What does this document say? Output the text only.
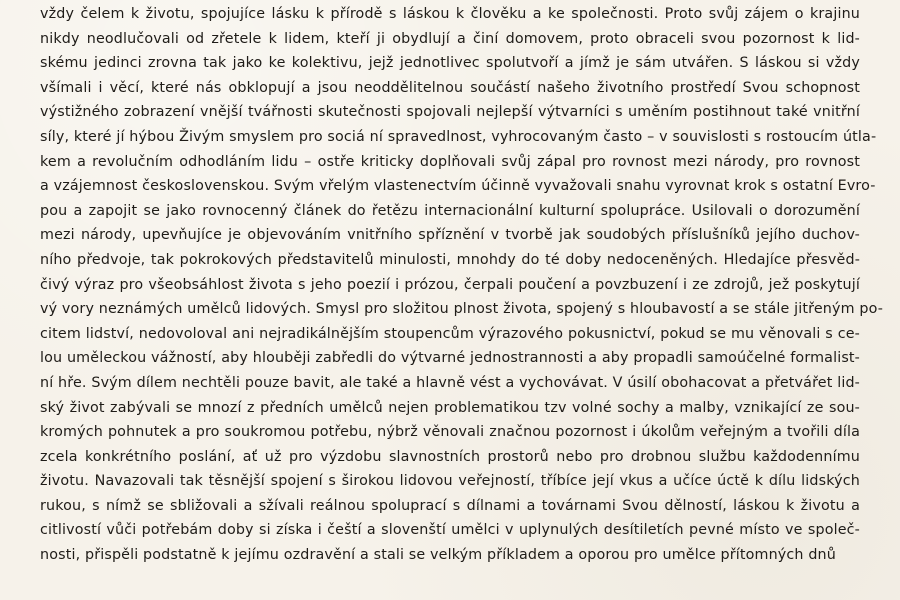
vždy čelem k životu, spojujíce lásku k přírodě s láskou k člověku a ke společnosti. Proto svůj zájem o krajinu
nikdy neodlučovali od zřetele k lidem, kteří ji obydlují a činí domovem, proto obraceli svou pozornost k lid-
skému jedinci zrovna tak jako ke kolektivu, jejž jednotlivec spolutvoří a jímž je sám utvářen. S láskou si vždy
všímali i věcí, které nás obklopují a jsou neoddělitelnou součástí našeho životního prostředí Svou schopnost
výstižného zobrazení vnější tvářnosti skutečnosti spojovali nejlepší výtvarníci s uměním postihnout také vnitřní
síly, které jí hýbou Živým smyslem pro sociá ní spravedlnost, vyhrocovaným často – v souvislosti s rostoucím útla-
kem a revolučním odhodláním lidu – ostře kriticky doplňovali svůj zápal pro rovnost mezi národy, pro rovnost
a vzájemnost československou. Svým vřelým vlastenectvím účinně vyvažovali snahu vyrovnat krok s ostatní Evro-
pou a zapojit se jako rovnocenný článek do řetězu internacionální kulturní spolupráce. Usilovali o dorozumění
mezi národy, upevňujíce je objevováním vnitřního spříznění v tvorbě jak soudobých příslušníků jejího duchov-
ního předvoje, tak pokrokových představitelů minulosti, mnohdy do té doby nedoceněných. Hledajíce přesvěd-
čivý výraz pro všeobsáhlost života s jeho poezií i prózou, čerpali poučení a povzbuzení i ze zdrojů, jež poskytují
vý vory neznámých umělců lidových. Smysl pro složitou plnost života, spojený s hloubavostí a se stále jitřeným po-
citem lidství, nedovoloval ani nejradikálnějším stoupencům výrazového pokusnictví, pokud se mu věnovali s ce-
lou uměleckou vážností, aby hlouběji zabředli do výtvarné jednostrannosti a aby propadli samoúčelné formalist-
ní hře. Svým dílem nechtěli pouze bavit, ale také a hlavně vést a vychovávat. V úsilí obohacovat a přetvářet lid-
ský život zabývali se mnozí z předních umělců nejen problematikou tzv volné sochy a malby, vznikající ze sou-
kromých pohnutek a pro soukromou potřebu, nýbrž věnovali značnou pozornost i úkolům veřejným a tvořili díla
zcela konkrétního poslání, ať už pro výzdobu slavnostních prostorů nebo pro drobnou službu každodennímu
životu. Navazovali tak těsnější spojení s širokou lidovou veřejností, tříbíce její vkus a učíce úctě k dílu lidských
rukou, s nímž se sbližovali a sžívali reálnou spoluprací s dílnami a továrnami Svou dělností, láskou k životu a
citlivostí vůči potřebám doby si získa i čeští a slovenští umělci v uplynulých desítiletích pevné místo ve společ-
nosti, přispěli podstatně k jejímu ozdravění a stali se velkým příkladem a oporou pro umělce přítomných dnů
